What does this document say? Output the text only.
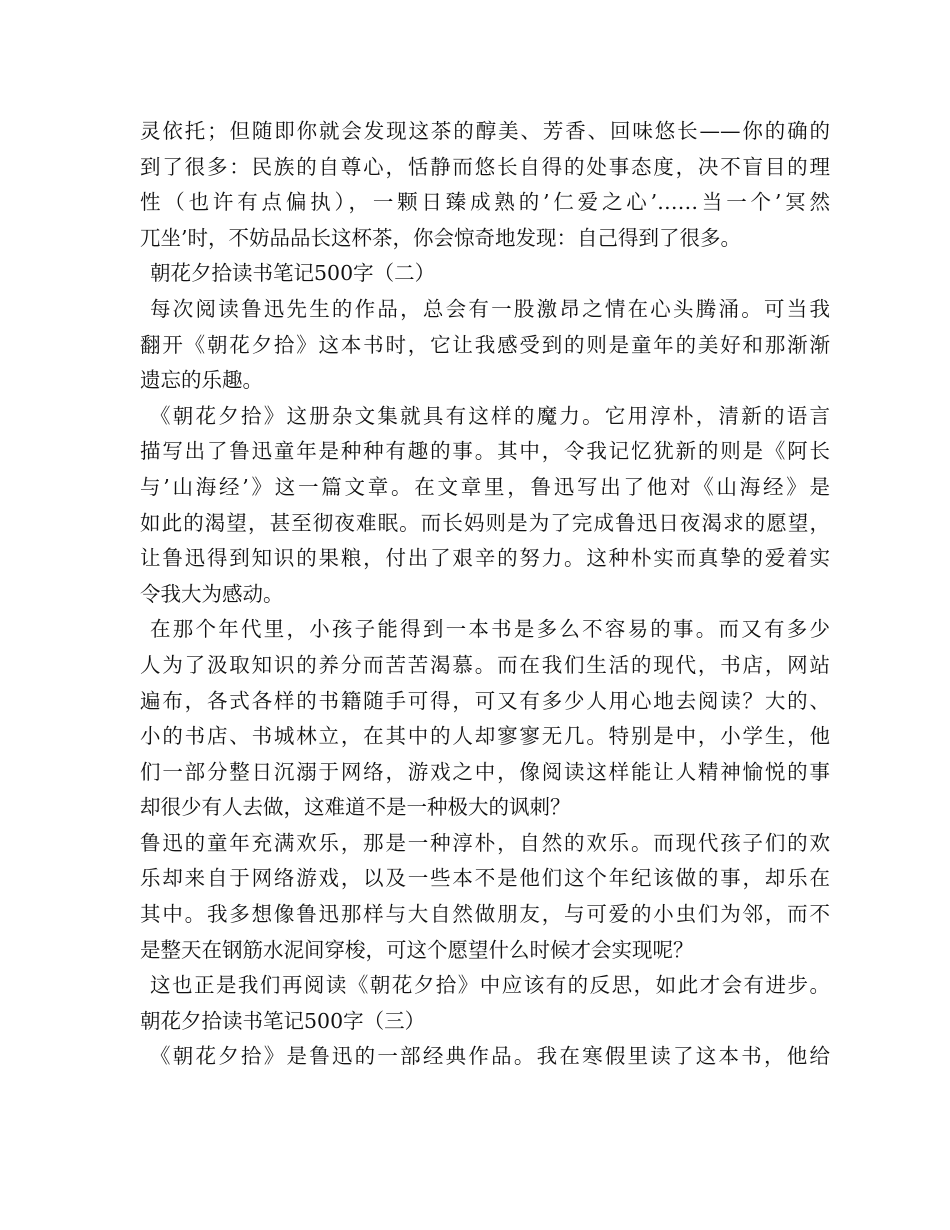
灵依托；但随即你就会发现这茶的醇美、芳香、回味悠长——你的确的
到了很多：民族的自尊心，恬静而悠长自得的处事态度，决不盲目的理
性（也许有点偏执），一颗日臻成熟的’仁爱之心’……当一个’冥然
兀坐’时，不妨品品长这杯茶，你会惊奇地发现：自己得到了很多。
朝花夕拾读书笔记500字（二）
每次阅读鲁迅先生的作品，总会有一股激昂之情在心头腾涌。可当我
翻开《朝花夕拾》这本书时，它让我感受到的则是童年的美好和那渐渐
遗忘的乐趣。
《朝花夕拾》这册杂文集就具有这样的魔力。它用淳朴，清新的语言
描写出了鲁迅童年是种种有趣的事。其中，令我记忆犹新的则是《阿长
与’山海经’》这一篇文章。在文章里，鲁迅写出了他对《山海经》是
如此的渴望，甚至彻夜难眠。而长妈则是为了完成鲁迅日夜渴求的愿望，
让鲁迅得到知识的果粮，付出了艰辛的努力。这种朴实而真挚的爱着实
令我大为感动。
在那个年代里，小孩子能得到一本书是多么不容易的事。而又有多少
人为了汲取知识的养分而苦苦渴慕。而在我们生活的现代，书店，网站
遍布，各式各样的书籍随手可得，可又有多少人用心地去阅读？大的、
小的书店、书城林立，在其中的人却寥寥无几。特别是中，小学生，他
们一部分整日沉溺于网络，游戏之中，像阅读这样能让人精神愉悦的事
却很少有人去做，这难道不是一种极大的讽刺？
鲁迅的童年充满欢乐，那是一种淳朴，自然的欢乐。而现代孩子们的欢
乐却来自于网络游戏，以及一些本不是他们这个年纪该做的事，却乐在
其中。我多想像鲁迅那样与大自然做朋友，与可爱的小虫们为邻，而不
是整天在钢筋水泥间穿梭，可这个愿望什么时候才会实现呢？
这也正是我们再阅读《朝花夕拾》中应该有的反思，如此才会有进步。
朝花夕拾读书笔记500字（三）
《朝花夕拾》是鲁迅的一部经典作品。我在寒假里读了这本书，他给
